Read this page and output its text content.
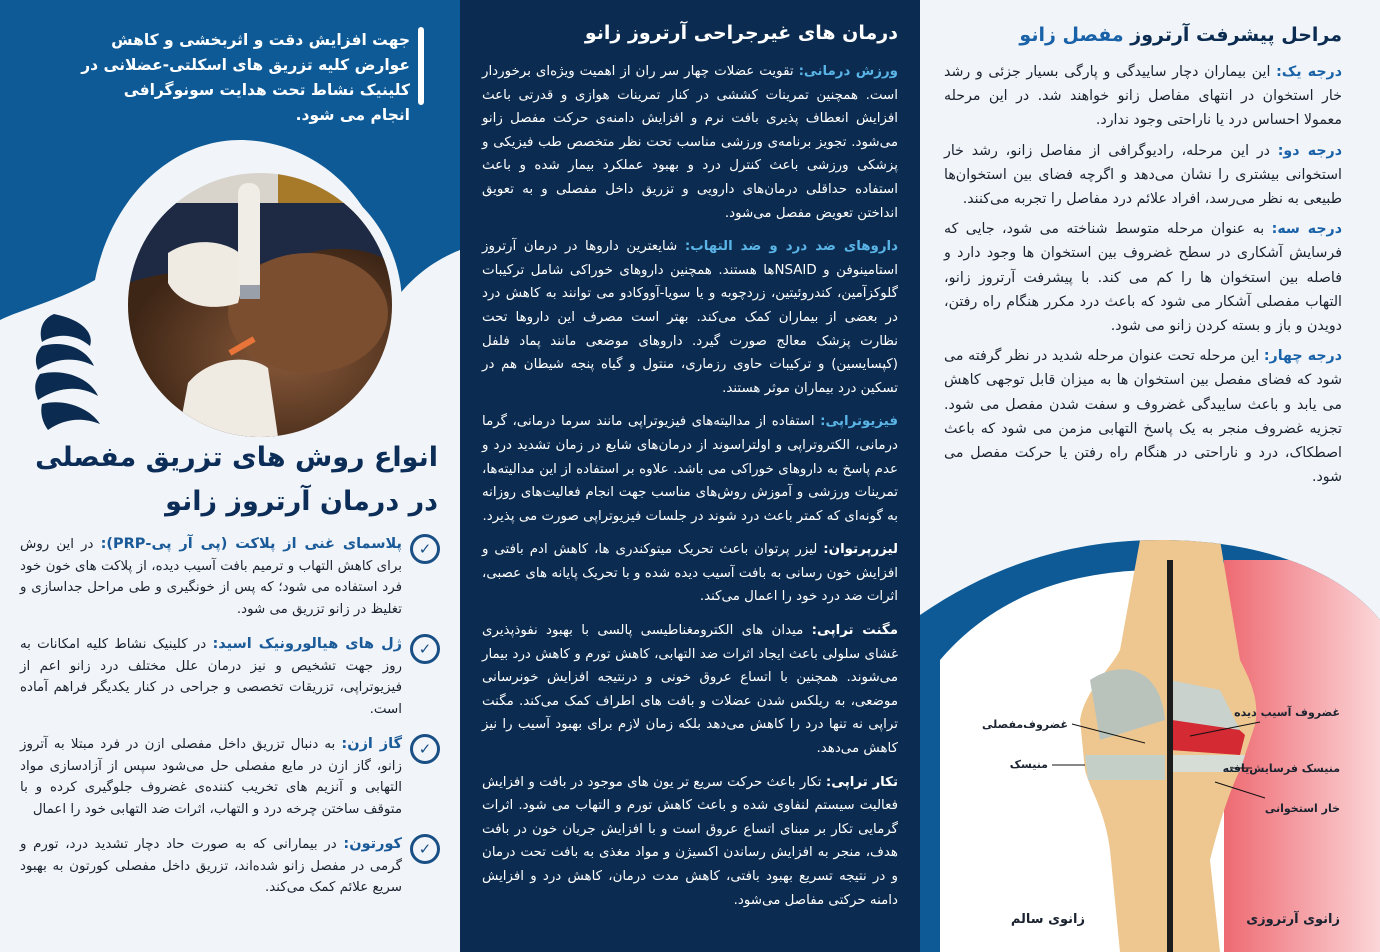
جهت افزایش دقت و اثربخشی و کاهش عوارض کلیه تزریق های اسکلتی-عضلانی در کلینیک نشاط تحت هدایت سونوگرافی انجام می شود.
انواع روش های تزریق مفصلی
در درمان آرتروز زانو
✓
پلاسمای غنی از پلاکت (پی آر پی-PRP): در این روش برای کاهش التهاب و ترمیم بافت آسیب دیده، از پلاکت های خون خود فرد استفاده می شود؛ که پس از خونگیری و طی مراحل جداسازی و تغلیظ در زانو تزریق می شود.
✓
ژل های هیالورونیک اسید: در کلینیک نشاط کلیه امکانات به روز جهت تشخیص و نیز درمان علل مختلف درد زانو اعم از فیزیوتراپی، تزریقات تخصصی و جراحی در کنار یکدیگر فراهم آماده است.
✓
گاز ازن: به دنبال تزریق داخل مفصلی ازن در فرد مبتلا به آتروز زانو، گاز ازن در مایع مفصلی حل می‌شود سپس از آزادسازی مواد التهابی و آنزیم های تخریب کننده‌ی غضروف جلوگیری کرده و با متوقف ساختن چرخه درد و التهاب، اثرات ضد التهابی خود را اعمال
✓
کورتون: در بیمارانی که به صورت حاد دچار تشدید درد، تورم و گرمی در مفصل زانو شده‌اند، تزریق داخل مفصلی کورتون به بهبود سریع علائم کمک می‌کند.
درمان های غیرجراحی آرتروز زانو
ورزش درمانی: تقویت عضلات چهار سر ران از اهمیت ویژه‌ای برخوردار است. همچنین تمرینات کششی در کنار تمرینات هوازی و قدرتی باعث افزایش انعطاف پذیری بافت نرم و افزایش دامنه‌ی حرکت مفصل زانو می‌شود. تجویز برنامه‌ی ورزشی مناسب تحت نظر متخصص طب فیزیکی و پزشکی ورزشی باعث کنترل درد و بهبود عملکرد بیمار شده و باعث استفاده حداقلی درمان‌های دارویی و تزریق داخل مفصلی و به تعویق انداختن تعویض مفصل می‌شود.
داروهای ضد درد و ضد التهاب: شایعترین داروها در درمان آرتروز استامینوفن و NSAIDها هستند. همچنین داروهای خوراکی شامل ترکیبات گلوکزآمین، کندروئیتین، زردچوبه و یا سویا-آووکادو می توانند به کاهش درد در بعضی از بیماران کمک می‌کند. بهتر است مصرف این داروها تحت نظارت پزشک معالج صورت گیرد. داروهای موضعی مانند پماد فلفل (کپسایسین) و ترکیبات حاوی رزماری، منتول و گیاه پنجه شیطان هم در تسکین درد بیماران موثر هستند.
فیزیوتراپی: استفاده از مدالیته‌های فیزیوتراپی مانند سرما درمانی، گرما درمانی، الکتروتراپی و اولتراسوند از درمان‌های شایع در زمان تشدید درد و عدم پاسخ به داروهای خوراکی می باشد. علاوه بر استفاده از این مدالیته‌ها، تمرینات ورزشی و آموزش روش‌های مناسب جهت انجام فعالیت‌های روزانه به گونه‌ای که کمتر باعث درد شوند در جلسات فیزیوتراپی صورت می پذیرد.
لیزرپرتوان: لیزر پرتوان باعث تحریک میتوکندری ها، کاهش ادم بافتی و افزایش خون رسانی به بافت آسیب دیده شده و با تحریک پایانه های عصبی، اثرات ضد درد خود را اعمال می‌کند.
مگنت تراپی: میدان های الکترومغناطیسی پالسی با بهبود نفوذپذیری غشای سلولی باعث ایجاد اثرات ضد التهابی، کاهش تورم و کاهش درد بیمار می‌شوند. همچنین با اتساع عروق خونی و درنتیجه افزایش خونرسانی موضعی، به ریلکس شدن عضلات و بافت های اطراف کمک می‌کند. مگنت تراپی نه تنها درد را کاهش می‌دهد بلکه زمان لازم برای بهبود آسیب را نیز کاهش می‌دهد.
تکار تراپی: تکار باعث حرکت سریع تر یون های موجود در بافت و افزایش فعالیت سیستم لنفاوی شده و باعث کاهش تورم و التهاب می شود. اثرات گرمایی تکار بر مبنای اتساع عروق است و با افزایش جریان خون در بافت هدف، منجر به افزایش رساندن اکسیژن و مواد مغذی به بافت تحت درمان و در نتیجه تسریع بهبود بافتی، کاهش مدت درمان، کاهش درد و افزایش دامنه حرکتی مفاصل می‌شود.
مراحل پیشرفت آرتروز مفصل زانو
درجه یک: این بیماران دچار ساییدگی و پارگی بسیار جزئی و رشد خار استخوان در انتهای مفاصل زانو خواهند شد. در این مرحله معمولا احساس درد یا ناراحتی وجود ندارد.
درجه دو: در این مرحله، رادیوگرافی از مفاصل زانو، رشد خار استخوانی بیشتری را نشان می‌دهد و اگرچه فضای بین استخوان‌ها طبیعی به نظر می‌رسد، افراد علائم درد مفاصل را تجربه می‌کنند.
درجه سه: به عنوان مرحله متوسط شناخته می شود، جایی که فرسایش آشکاری در سطح غضروف بین استخوان ها وجود دارد و فاصله بین استخوان ها را کم می کند. با پیشرفت آرتروز زانو، التهاب مفصلی آشکار می شود که باعث درد مکرر هنگام راه رفتن، دویدن و باز و بسته کردن زانو می شود.
درجه چهار: این مرحله تحت عنوان مرحله شدید در نظر گرفته می شود که فضای مفصل بین استخوان ها به میزان قابل توجهی کاهش می یابد و باعث ساییدگی غضروف و سفت شدن مفصل می شود. تجزیه غضروف منجر به یک پاسخ التهابی مزمن می شود که باعث اصطکاک، درد و ناراحتی در هنگام راه رفتن یا حرکت مفصل می شود.
غضروف‌مفصلی
منیسک
غضروف آسیب دیده
منیسک فرسایش‌یافته
خار استخوانی
زانوی سالم	زانوی آرتروزی
